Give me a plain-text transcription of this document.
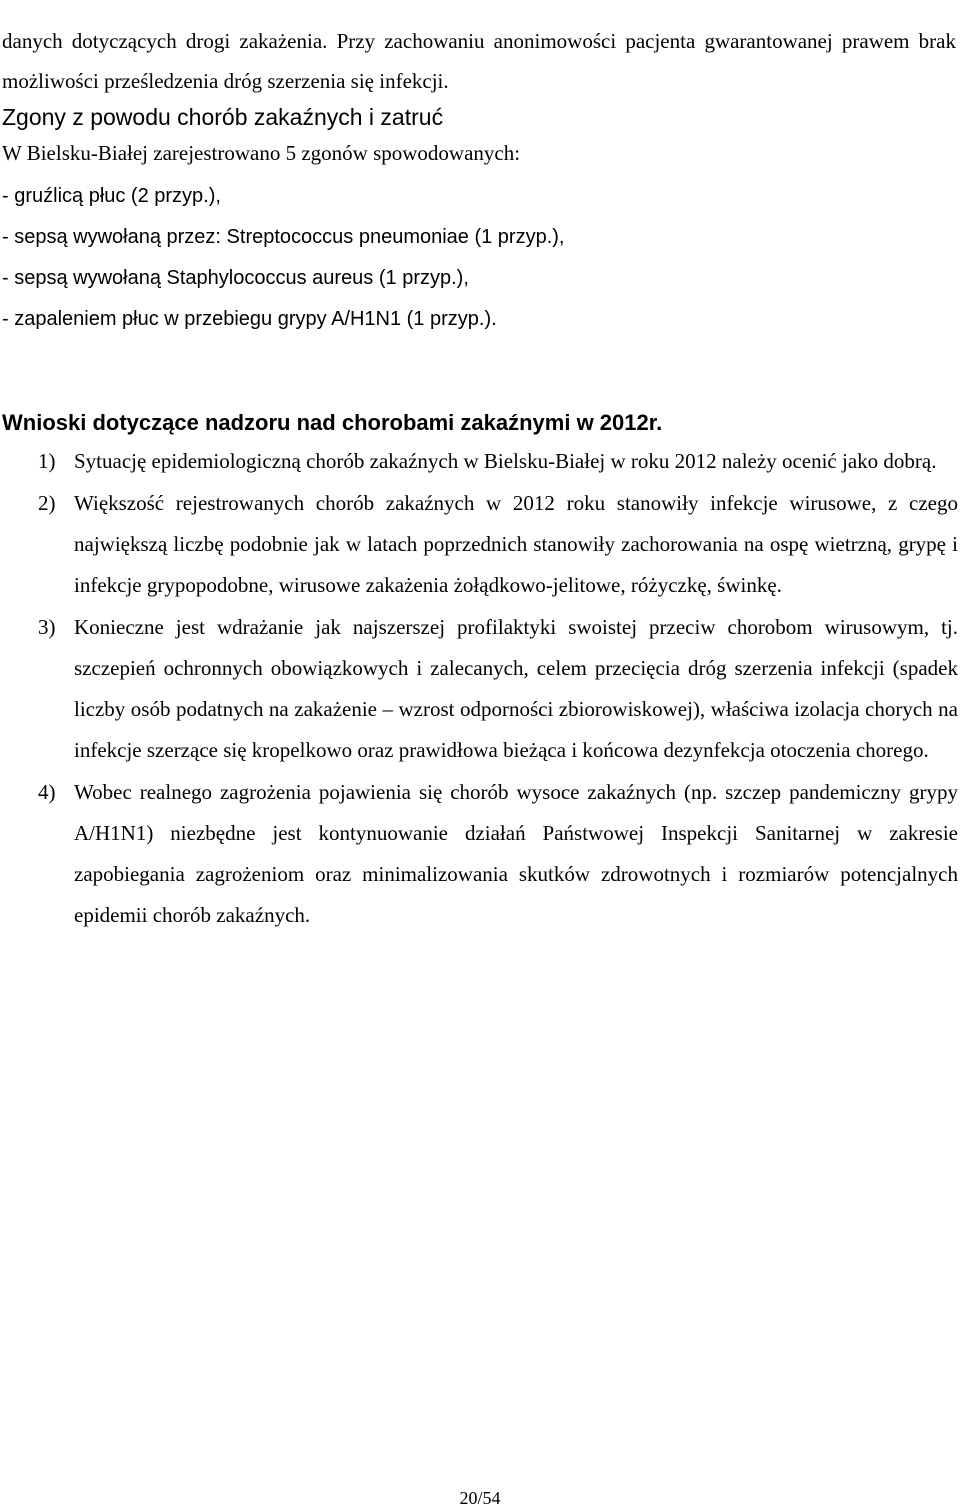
danych dotyczących drogi zakażenia. Przy zachowaniu anonimowości pacjenta gwarantowanej prawem brak możliwości prześledzenia dróg szerzenia się infekcji.

Zgony z powodu chorób zakaźnych i zatruć

W Bielsku-Białej zarejestrowano 5 zgonów spowodowanych:

- gruźlicą płuc (2 przyp.),
- sepsą wywołaną przez: Streptococcus pneumoniae (1 przyp.),
- sepsą wywołaną Staphylococcus aureus (1 przyp.),
- zapaleniem płuc w przebiegu grypy A/H1N1 (1 przyp.).
Wnioski dotyczące nadzoru nad chorobami zakaźnymi w 2012r.
1) Sytuację epidemiologiczną chorób zakaźnych w Bielsku-Białej w roku 2012 należy ocenić jako dobrą.
2) Większość rejestrowanych chorób zakaźnych w 2012 roku stanowiły infekcje wirusowe, z czego największą liczbę podobnie jak w latach poprzednich stanowiły zachorowania na ospę wietrzną, grypę i infekcje grypopodobne, wirusowe zakażenia żołądkowo-jelitowe, różyczkę, świnkę.
3) Konieczne jest wdrażanie jak najszerszej profilaktyki swoistej przeciw chorobom wirusowym, tj. szczepień ochronnych obowiązkowych i zalecanych, celem przecięcia dróg szerzenia infekcji (spadek liczby osób podatnych na zakażenie – wzrost odporności zbiorowiskowej), właściwa izolacja chorych na infekcje szerzące się kropelkowo oraz prawidłowa bieżąca i końcowa dezynfekcja otoczenia chorego.
4) Wobec realnego zagrożenia pojawienia się chorób wysoce zakaźnych (np. szczep pandemiczny grypy A/H1N1) niezbędne jest kontynuowanie działań Państwowej Inspekcji Sanitarnej w zakresie zapobiegania zagrożeniom oraz minimalizowania skutków zdrowotnych i rozmiarów potencjalnych epidemii chorób zakaźnych.
20/54
